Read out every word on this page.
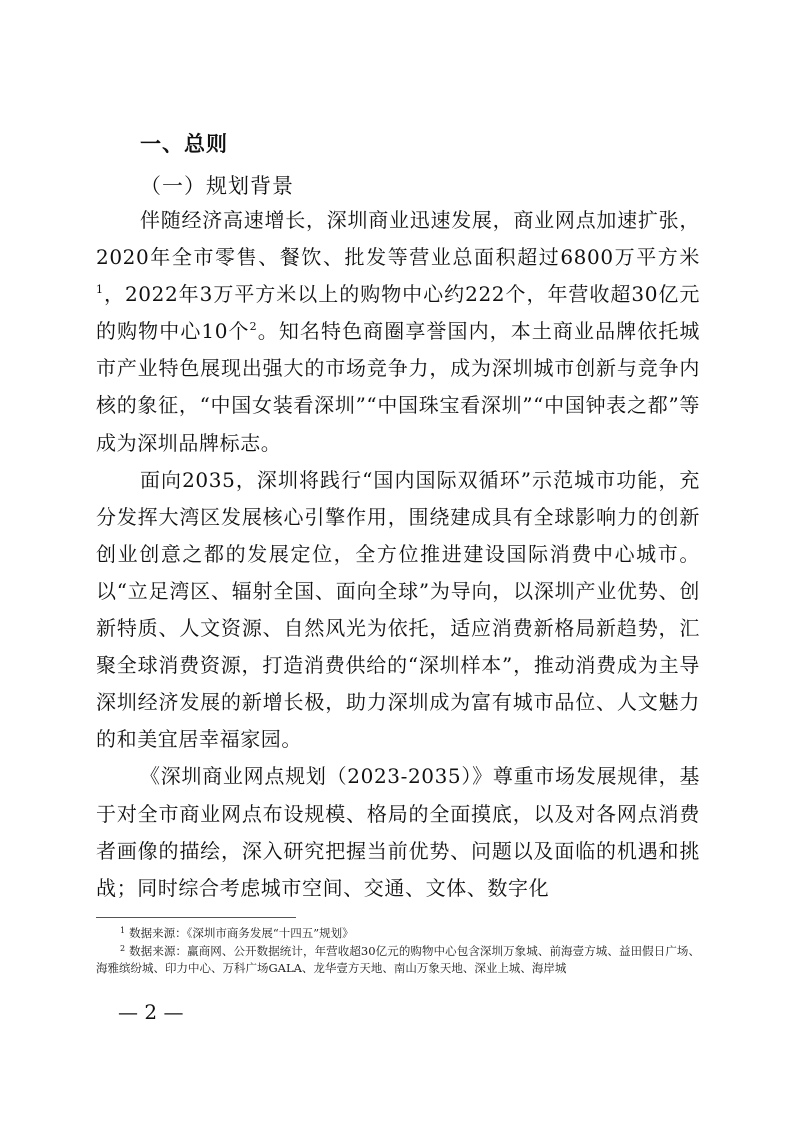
一、总则
（一）规划背景

伴随经济高速增长，深圳商业迅速发展，商业网点加速扩张，2020年全市零售、餐饮、批发等营业总面积超过6800万平方米$^1$，2022年3万平方米以上的购物中心约222个，年营收超30亿元的购物中心10个$^2$。知名特色商圈享誉国内，本土商业品牌依托城市产业特色展现出强大的市场竞争力，成为深圳城市创新与竞争内核的象征，“中国女装看深圳”“中国珠宝看深圳”“中国钟表之都”等成为深圳品牌标志。

面向2035，深圳将践行“国内国际双循环”示范城市功能，充分发挥大湾区发展核心引擎作用，围绕建成具有全球影响力的创新创业创意之都的发展定位，全方位推进建设国际消费中心城市。以“立足湾区、辐射全国、面向全球”为导向，以深圳产业优势、创新特质、人文资源、自然风光为依托，适应消费新格局新趋势，汇聚全球消费资源，打造消费供给的“深圳样本”，推动消费成为主导深圳经济发展的新增长极，助力深圳成为富有城市品位、人文魅力的和美宜居幸福家园。

《深圳商业网点规划（2023-2035）》尊重市场发展规律，基于对全市商业网点布设规模、格局的全面摸底，以及对各网点消费者画像的描绘，深入研究把握当前优势、问题以及面临的机遇和挑战；同时综合考虑城市空间、交通、文体、数字化

$^1$ 数据来源：《深圳市商务发展“十四五”规划》

$^2$ 数据来源：赢商网、公开数据统计，年营收超30亿元的购物中心包含深圳万象城、前海壹方城、益田假日广场、海雅缤纷城、印力中心、万科广场GALA、龙华壹方天地、南山万象天地、深业上城、海岸城

— 2 —
